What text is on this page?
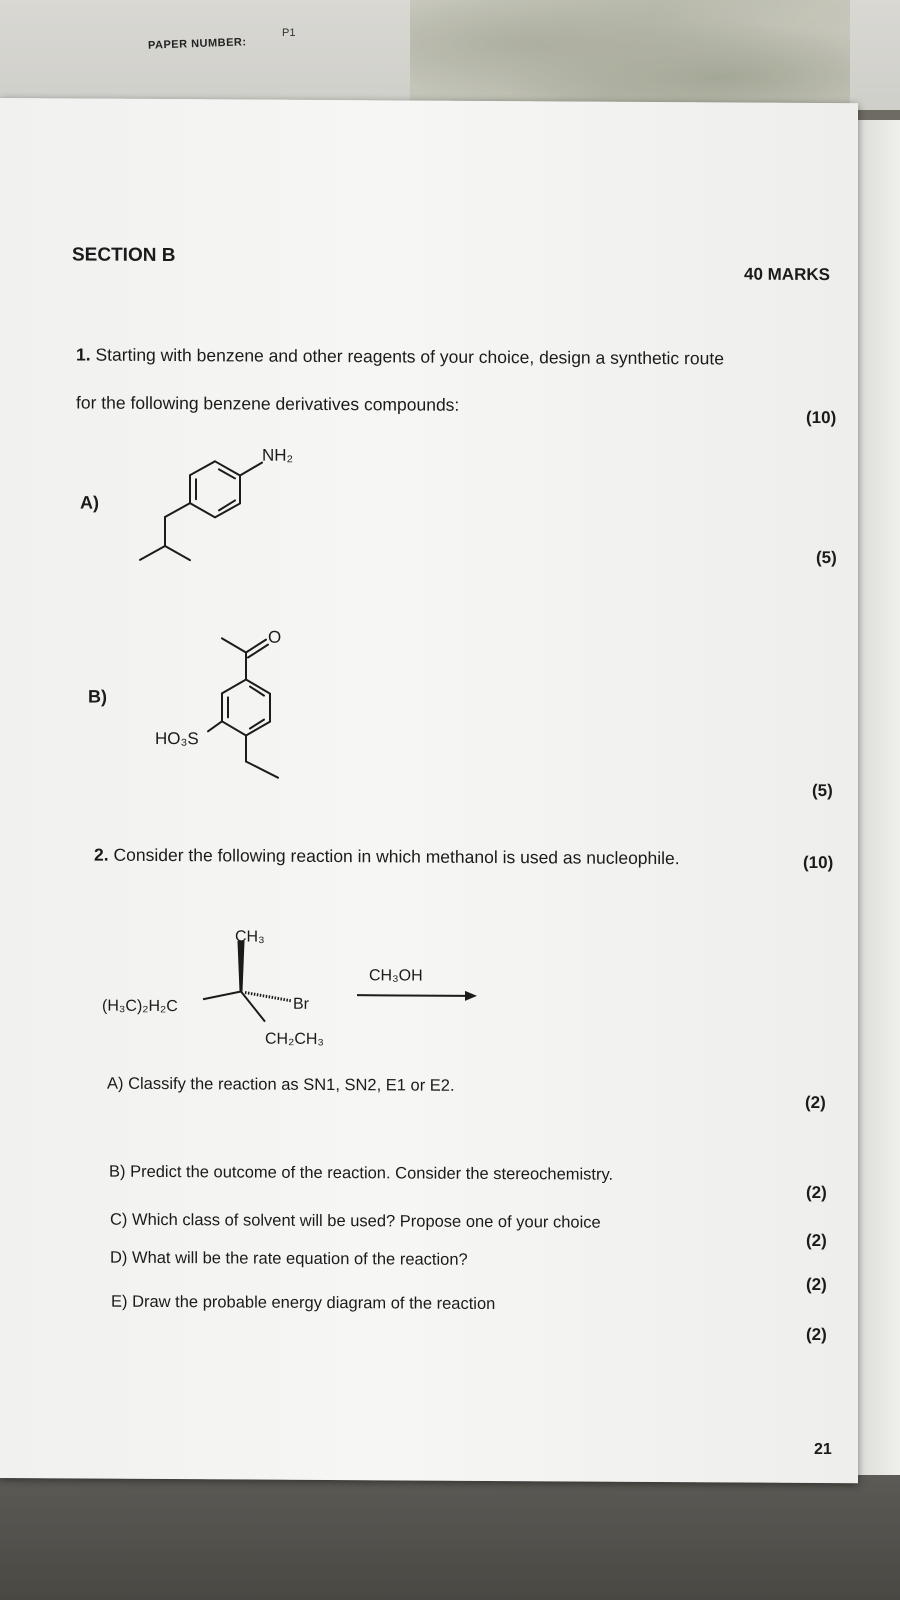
PAPER NUMBER:
P1
SECTION B
40 MARKS
1. Starting with benzene and other reagents of your choice, design a synthetic route
for the following benzene derivatives compounds:
(10)
A)
NH₂
(5)
B)
O
HO₃S
(5)
2. Consider the following reaction in which methanol is used as nucleophile.	(10)
CH₃
(H₃C)₂H₂C	Br
CH₂CH₃
CH₃OH
A) Classify the reaction as SN1, SN2, E1 or E2.
(2)
B) Predict the outcome of the reaction. Consider the stereochemistry.
(2)
C) Which class of solvent will be used? Propose one of your choice
(2)
D) What will be the rate equation of the reaction?
(2)
E) Draw the probable energy diagram of the reaction
(2)
21
